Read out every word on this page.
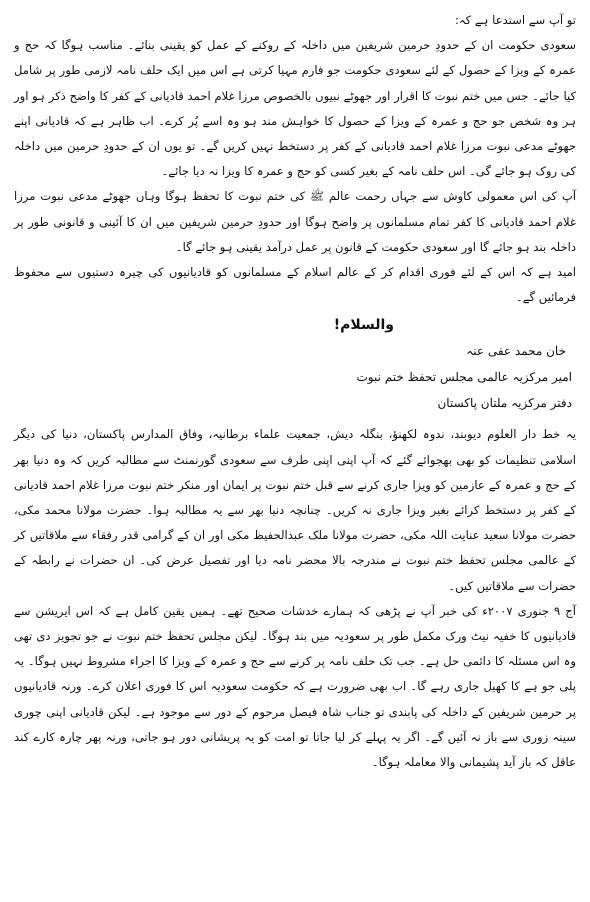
تو آپ سے استدعا ہے کہ:

سعودی حکومت ان کے حدودِ حرمین شریفین میں داخلہ کے روکنے کے عمل کو یقینی بنائے۔ مناسب ہوگا کہ حج و عمرہ کے ویزا کے حصول کے لئے سعودی حکومت جو فارم مہیا کرتی ہے اس میں ایک حلف نامہ لازمی طور پر شامل کیا جائے۔ جس میں ختم نبوت کا اقرار اور جھوٹے نبیوں بالخصوص مرزا غلام احمد قادیانی کے کفر کا واضح ذکر ہو اور ہر وہ شخص جو حج و عمرہ کے ویزا کے حصول کا خواہش مند ہو وہ اسے پُر کرے۔ اب ظاہر ہے کہ قادیانی اپنے جھوٹے مدعی نبوت مرزا غلام احمد قادیانی کے کفر پر دستخط نہیں کریں گے۔ تو یوں ان کے حدودِ حرمین میں داخلہ کی روک ہو جائے گی۔ اس حلف نامہ کے بغیر کسی کو حج و عمرہ کا ویزا نہ دیا جائے۔

آپ کی اس معمولی کاوش سے جہاں رحمت عالم ﷺ کی ختم نبوت کا تحفظ ہوگا وہاں جھوٹے مدعی نبوت مرزا غلام احمد قادیانی کا کفر تمام مسلمانوں پر واضح ہوگا اور حدودِ حرمین شریفین میں ان کا آئینی و قانونی طور پر داخلہ بند ہو جائے گا اور سعودی حکومت کے قانون پر عمل درآمد یقینی ہو جائے گا۔

امید ہے کہ اس کے لئے فوری اقدام کر کے عالم اسلام کے مسلمانوں کو قادیانیوں کی چیرہ دستیوں سے محفوظ فرمائیں گے۔

والسلام!
خان محمد عفی عنہ
امیر مرکزیہ عالمی مجلس تحفظ ختم نبوت
دفتر مرکزیہ ملتان پاکستان

یہ خط دار العلوم دیوبند، ندوہ لکھنؤ، بنگلہ دیش، جمعیت علماء برطانیہ، وفاق المدارس پاکستان، دنیا کی دیگر اسلامی تنظیمات کو بھی بھجوائے گئے کہ آپ اپنی اپنی طرف سے سعودی گورنمنٹ سے مطالبہ کریں کہ وہ دنیا بھر کے حج و عمرہ کے عازمین کو ویزا جاری کرنے سے قبل ختم نبوت پر ایمان اور منکر ختم نبوت مرزا غلام احمد قادیانی کے کفر پر دستخط کرائے بغیر ویزا جاری نہ کریں۔ چنانچہ دنیا بھر سے یہ مطالبہ ہوا۔ حضرت مولانا محمد مکی، حضرت مولانا سعید عنایت اللہ مکی، حضرت مولانا ملک عبدالحفیظ مکی اور ان کے گرامی قدر رفقاء سے ملاقاتیں کر کے عالمی مجلس تحفظ ختم نبوت نے مندرجہ بالا محضر نامہ دیا اور تفصیل عرض کی۔ ان حضرات نے رابطہ کے حضرات سے ملاقاتیں کیں۔

آج ۹ جنوری ۲۰۰۷ء کی خبر آپ نے پڑھی کہ ہمارے خدشات صحیح تھے۔ ہمیں یقین کامل ہے کہ اس ایریشن سے قادیانیوں کا خفیہ نیٹ ورک مکمل طور پر سعودیہ میں بند ہوگا۔ لیکن مجلس تحفظ ختم نبوت نے جو تجویز دی تھی وہ اس مسئلہ کا دائمی حل ہے۔ جب تک حلف نامہ پر کرنے سے حج و عمرہ کے ویزا کا اجراء مشروط نہیں ہوگا۔ یہ پلی جو ہے کا کھیل جاری رہے گا۔ اب بھی ضرورت ہے کہ حکومت سعودیہ اس کا فوری اعلان کرے۔ ورنہ قادیانیوں پر حرمین شریفین کے داخلہ کی پابندی تو جناب شاہ فیصل مرحوم کے دور سے موجود ہے۔ لیکن قادیانی اپنی چوری سینہ زوری سے باز نہ آئیں گے۔ اگر یہ پہلے کر لیا جاتا تو امت کو یہ پریشانی دور ہو جاتی، ورنہ پھر چارہ کارے کند عاقل کہ باز آید پشیمانی والا معاملہ ہوگا۔
